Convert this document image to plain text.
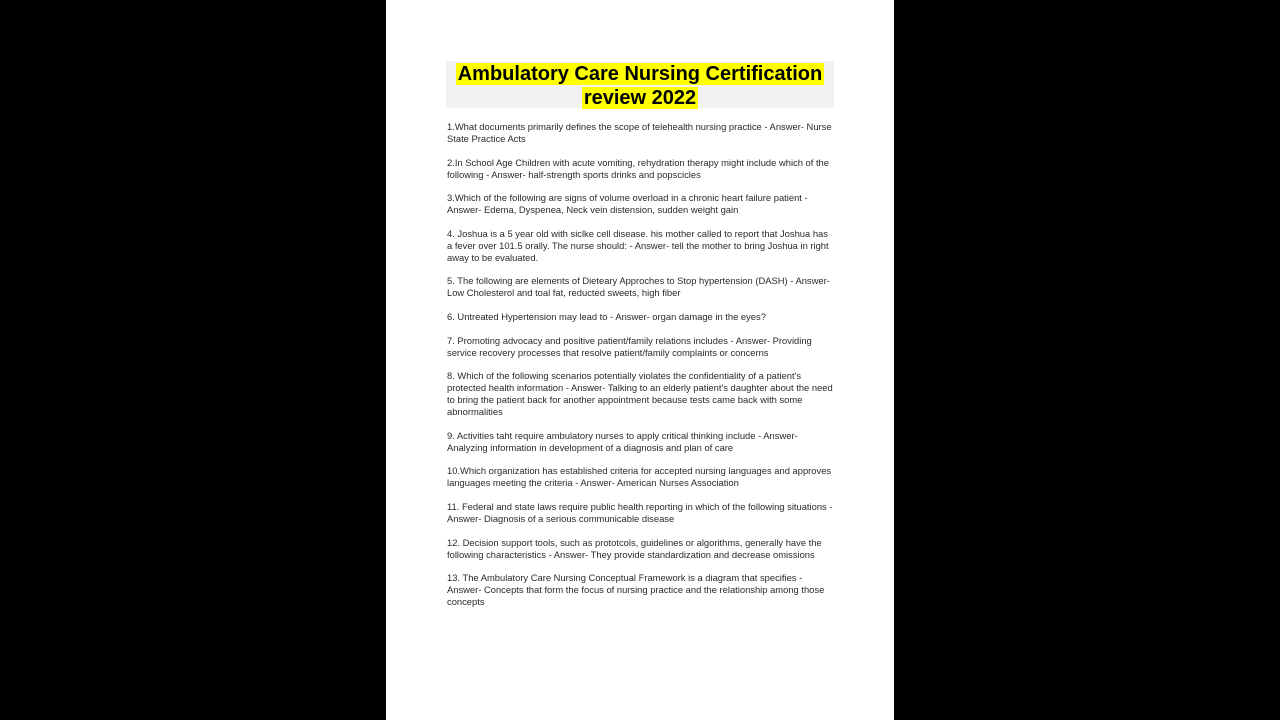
Ambulatory Care Nursing Certification
review 2022
1.What documents primarily defines the scope of telehealth nursing practice - Answer- Nurse State Practice Acts
2.In School Age Children with acute vomiting, rehydration therapy might include which of the following - Answer- half-strength sports drinks and popscicles
3.Which of the following are signs of volume overload in a chronic heart failure patient - Answer- Edema, Dyspenea, Neck vein distension, sudden weight gain
4. Joshua is a 5 year old with siclke cell disease. his mother called to report that Joshua has a fever over 101.5 orally. The nurse should: - Answer- tell the mother to bring Joshua in right away to be evaluated.
5. The following are elements of Dieteary Approches to Stop hypertension (DASH) - Answer- Low Cholesterol and toal fat, reducted sweets, high fiber
6. Untreated Hypertension may lead to - Answer- organ damage in the eyes?
7. Promoting advocacy and positive patient/family relations includes - Answer- Providing service recovery processes that resolve patient/family complaints or concerns
8. Which of the following scenarios potentially violates the confidentiality of a patient's protected health information - Answer- Talking to an elderly patient's daughter about the need to bring the patient back for another appointment because tests came back with some abnormalities
9. Activities taht require ambulatory nurses to apply critical thinking include - Answer- Analyzing information in development of a diagnosis and plan of care
10.Which organization has established criteria for accepted nursing languages and approves languages meeting the criteria - Answer- American Nurses Association
11. Federal and state laws require public health reporting in which of the following situations - Answer- Diagnosis of a serious communicable disease
12. Decision support tools, such as prototcols, guidelines or algorithms, generally have the following characteristics - Answer- They provide standardization and decrease omissions
13. The Ambulatory Care Nursing Conceptual Framework is a diagram that specifies - Answer- Concepts that form the focus of nursing practice and the relationship among those concepts
